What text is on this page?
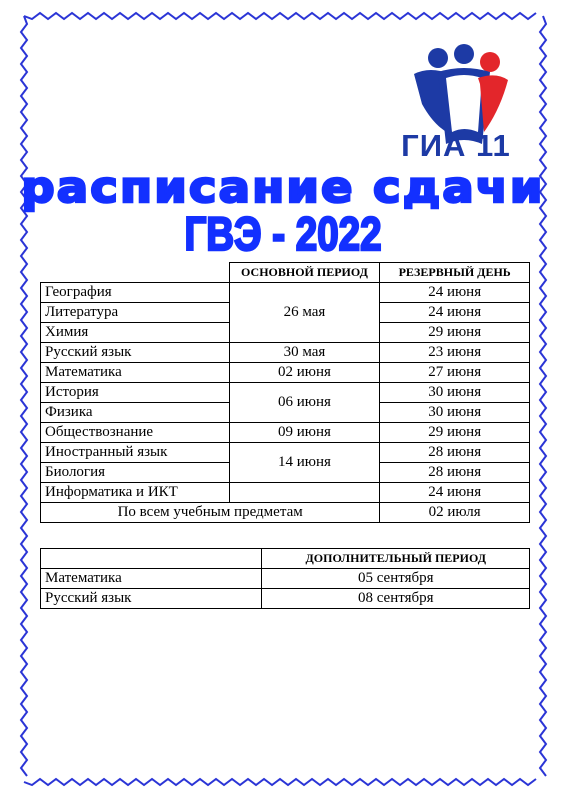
ГИА 11
расписание сдачи
ГВЭ - 2022
	ОСНОВНОЙ ПЕРИОД	РЕЗЕРВНЫЙ ДЕНЬ
География	26 мая	24 июня
Литература		24 июня
Химия		29 июня
Русский язык	30 мая	23 июня
Математика	02 июня	27 июня
История	06 июня	30 июня
Физика		30 июня
Обществознание	09 июня	29 июня
Иностранный язык	14 июня	28 июня
Биология		28 июня
Информатика и ИКТ		24 июня
По всем учебным предметам		02 июля
	ДОПОЛНИТЕЛЬНЫЙ ПЕРИОД
Математика	05 сентября
Русский язык	08 сентября
